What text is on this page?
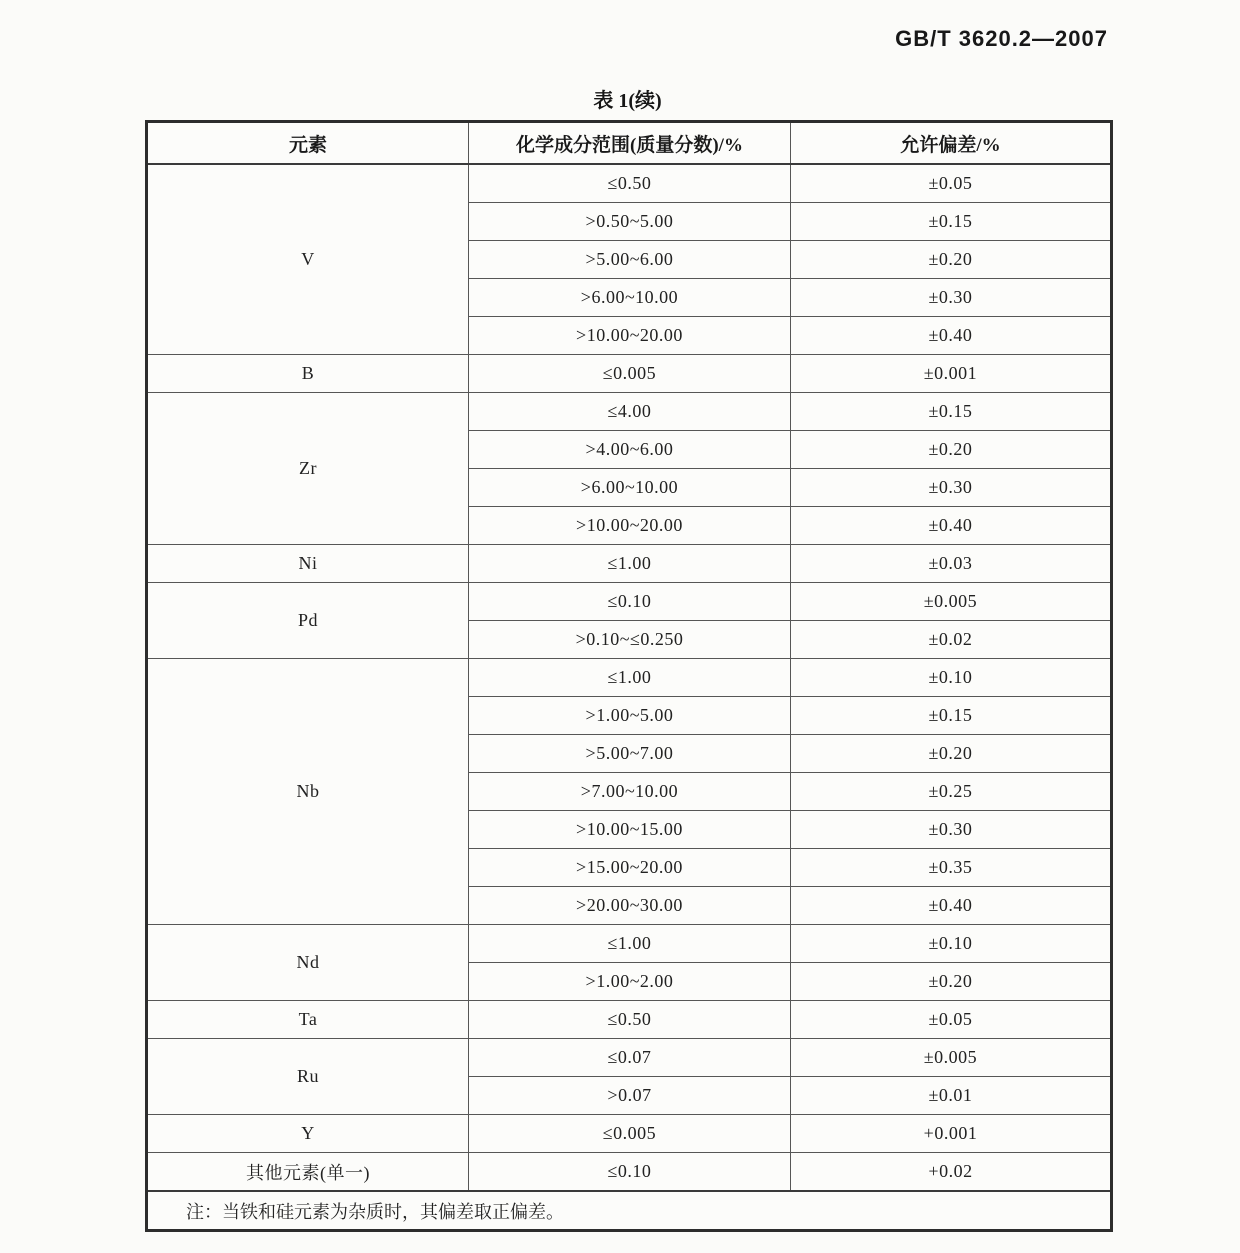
GB/T 3620.2—2007
表 1(续)
元素	化学成分范围(质量分数)/%	允许偏差/%
V	≤0.50	±0.05
	>0.50~5.00	±0.15
	>5.00~6.00	±0.20
	>6.00~10.00	±0.30
	>10.00~20.00	±0.40
B	≤0.005	±0.001
Zr	≤4.00	±0.15
	>4.00~6.00	±0.20
	>6.00~10.00	±0.30
	>10.00~20.00	±0.40
Ni	≤1.00	±0.03
Pd	≤0.10	±0.005
	>0.10~≤0.250	±0.02
Nb	≤1.00	±0.10
	>1.00~5.00	±0.15
	>5.00~7.00	±0.20
	>7.00~10.00	±0.25
	>10.00~15.00	±0.30
	>15.00~20.00	±0.35
	>20.00~30.00	±0.40
Nd	≤1.00	±0.10
	>1.00~2.00	±0.20
Ta	≤0.50	±0.05
Ru	≤0.07	±0.005
	>0.07	±0.01
Y	≤0.005	+0.001
其他元素(单一)	≤0.10	+0.02
注：当铁和硅元素为杂质时，其偏差取正偏差。		
